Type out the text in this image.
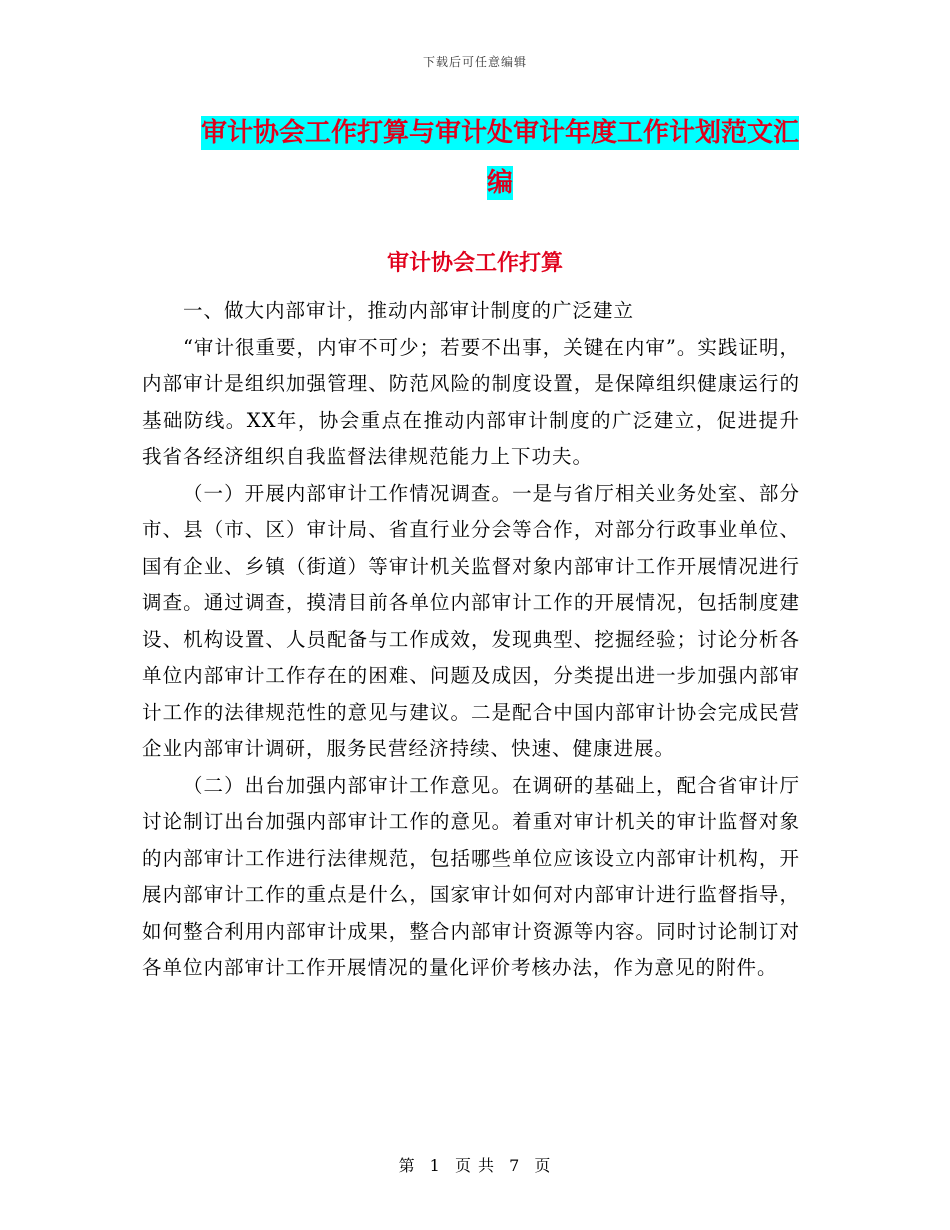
下载后可任意编辑
审计协会工作打算与审计处审计年度工作计划范文汇编
审计协会工作打算

一、做大内部审计，推动内部审计制度的广泛建立

“审计很重要，内审不可少；若要不出事，关键在内审”。实践证明，内部审计是组织加强管理、防范风险的制度设置，是保障组织健康运行的基础防线。XX年，协会重点在推动内部审计制度的广泛建立，促进提升我省各经济组织自我监督法律规范能力上下功夫。

（一）开展内部审计工作情况调查。一是与省厅相关业务处室、部分市、县（市、区）审计局、省直行业分会等合作，对部分行政事业单位、国有企业、乡镇（街道）等审计机关监督对象内部审计工作开展情况进行调查。通过调查，摸清目前各单位内部审计工作的开展情况，包括制度建设、机构设置、人员配备与工作成效，发现典型、挖掘经验；讨论分析各单位内部审计工作存在的困难、问题及成因，分类提出进一步加强内部审计工作的法律规范性的意见与建议。二是配合中国内部审计协会完成民营企业内部审计调研，服务民营经济持续、快速、健康进展。

（二）出台加强内部审计工作意见。在调研的基础上，配合省审计厅讨论制订出台加强内部审计工作的意见。着重对审计机关的审计监督对象的内部审计工作进行法律规范，包括哪些单位应该设立内部审计机构，开展内部审计工作的重点是什么，国家审计如何对内部审计进行监督指导，如何整合利用内部审计成果，整合内部审计资源等内容。同时讨论制订对各单位内部审计工作开展情况的量化评价考核办法，作为意见的附件。

第 1 页 共 7 页
